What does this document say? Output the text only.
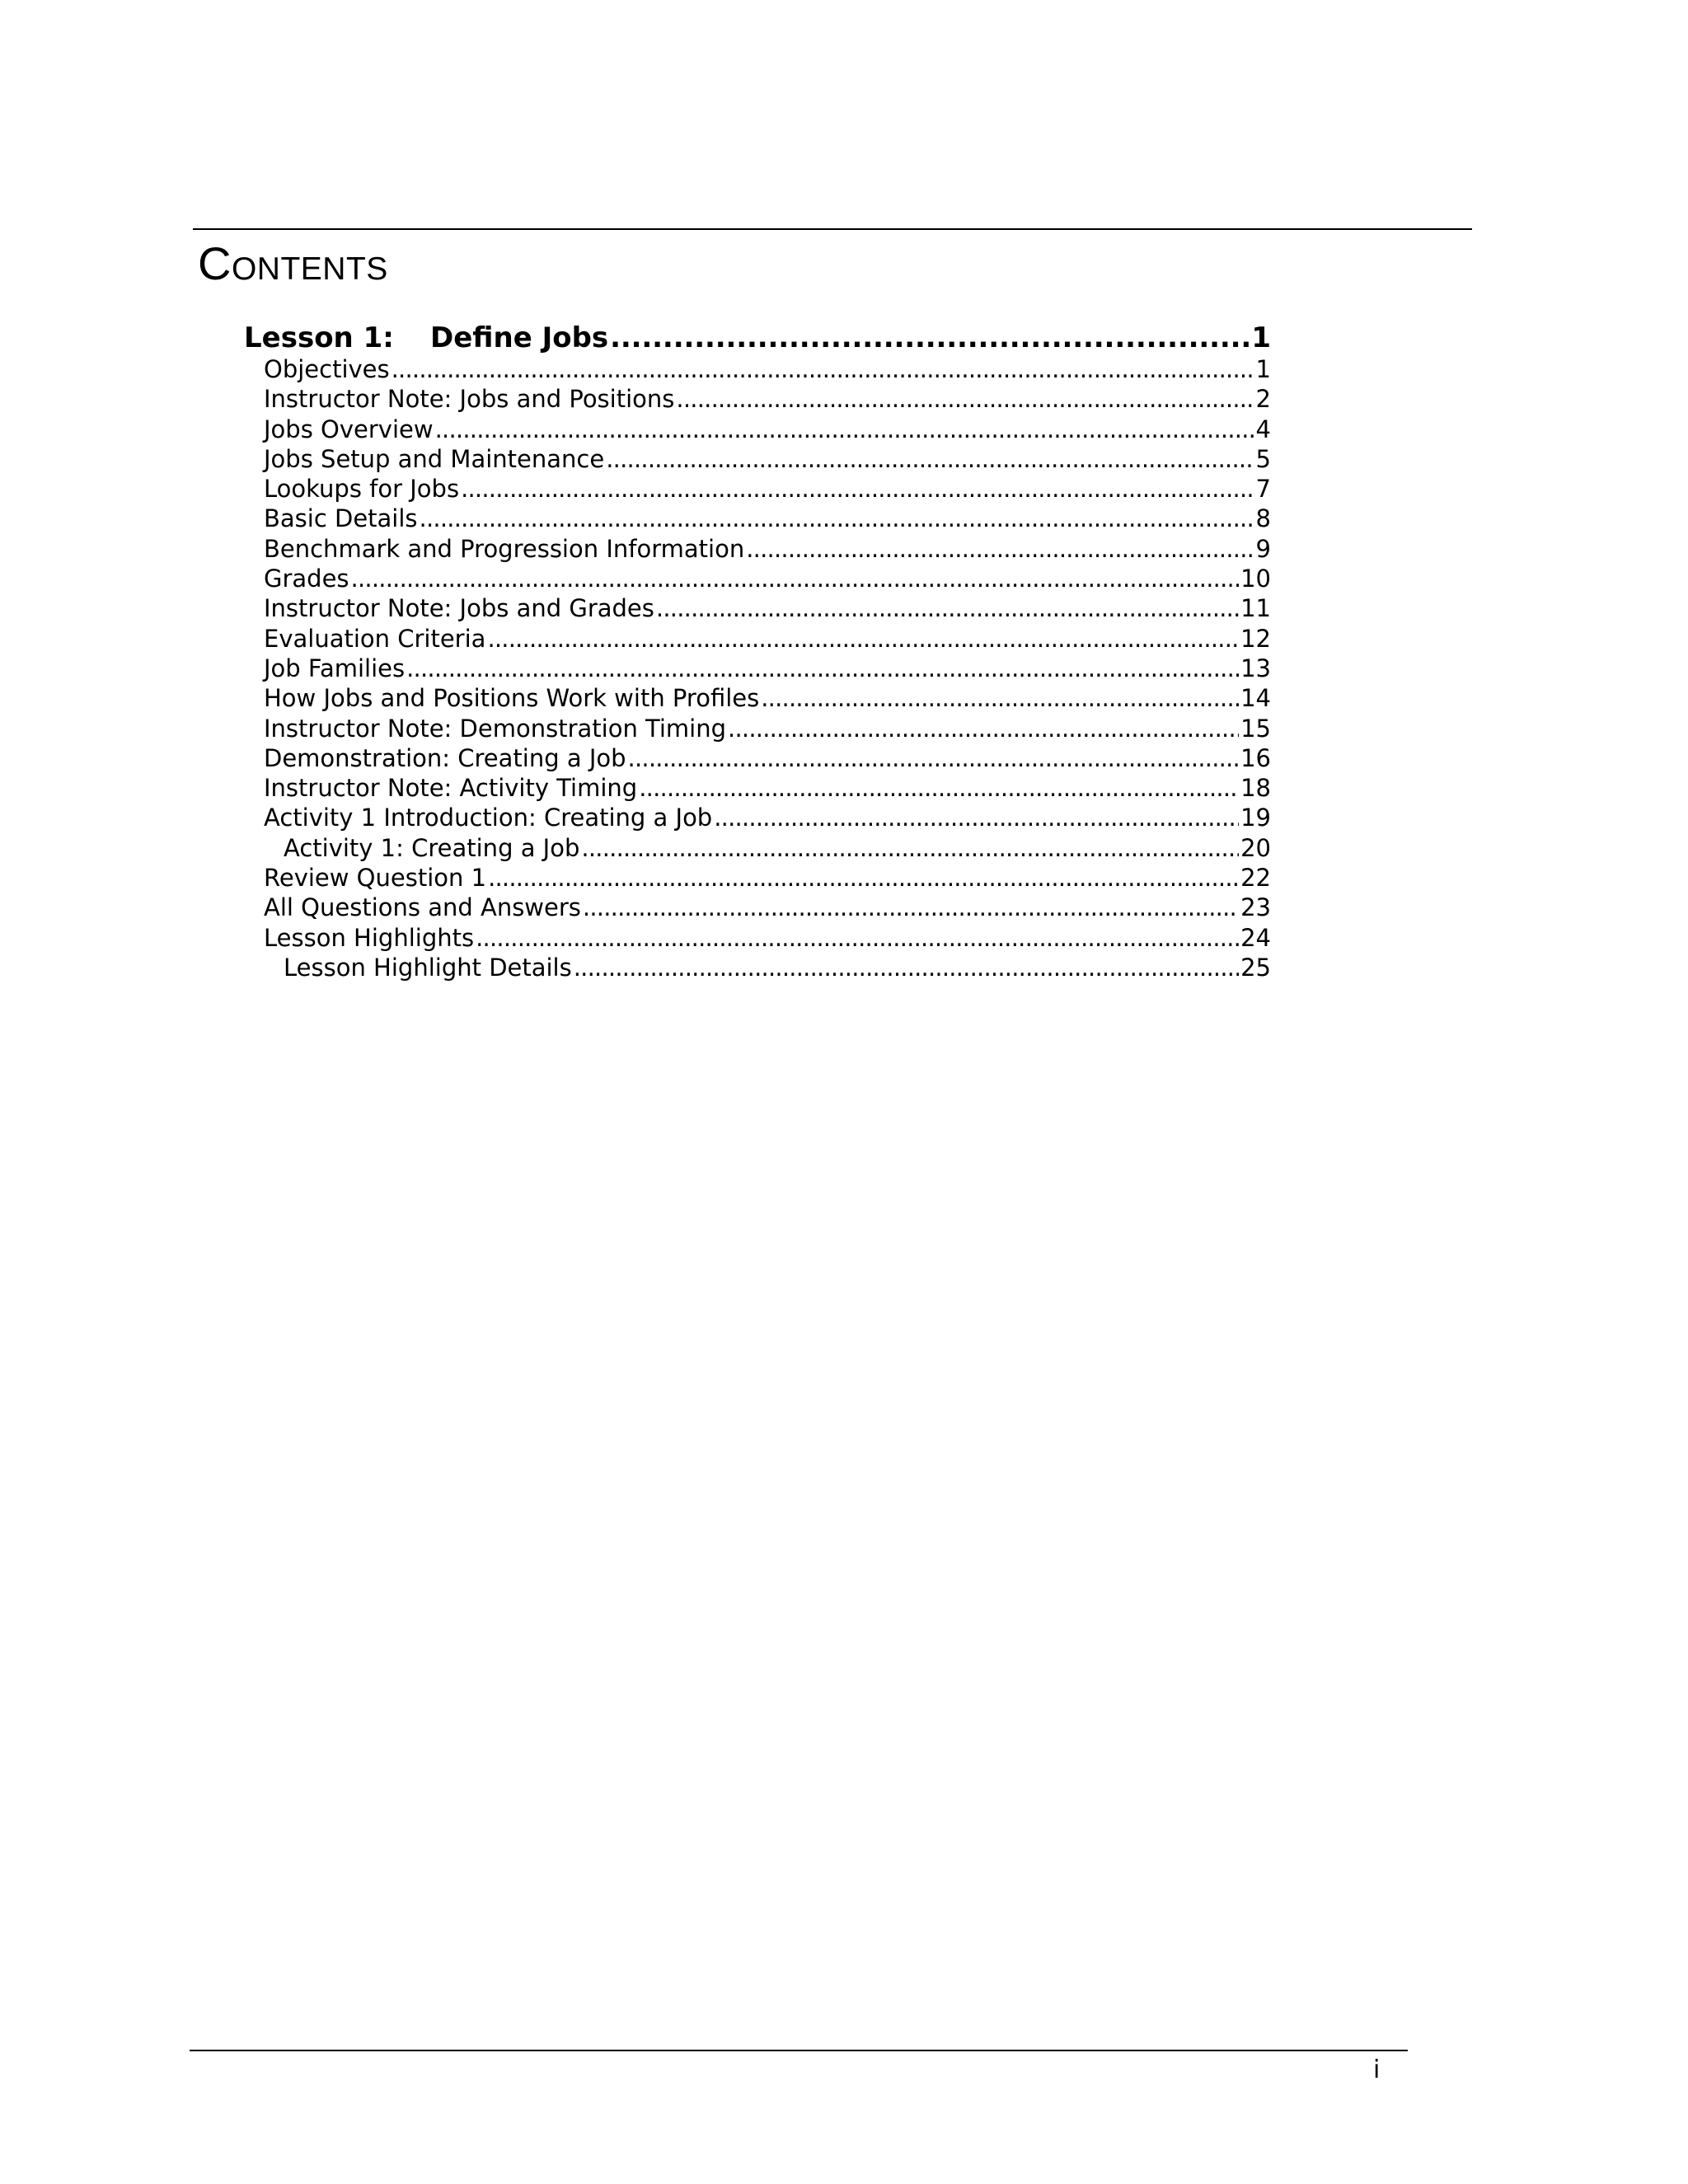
Contents
Lesson 1: Define Jobs . . .	1
Objectives . . .	1
Instructor Note: Jobs and Positions . . .	2
Jobs Overview . . .	4
Jobs Setup and Maintenance . . .	5
Lookups for Jobs . . .	7
Basic Details . . .	8
Benchmark and Progression Information . . .	9
Grades . . .	10
Instructor Note: Jobs and Grades . . .	11
Evaluation Criteria . . .	12
Job Families . . .	13
How Jobs and Positions Work with Profiles . . .	14
Instructor Note: Demonstration Timing . . .	15
Demonstration: Creating a Job . . .	16
Instructor Note: Activity Timing . . .	18
Activity 1 Introduction: Creating a Job . . .	19
Activity 1: Creating a Job . . .	20
Review Question 1 . . .	22
All Questions and Answers . . .	23
Lesson Highlights . . .	24
Lesson Highlight Details . . .	25
i
